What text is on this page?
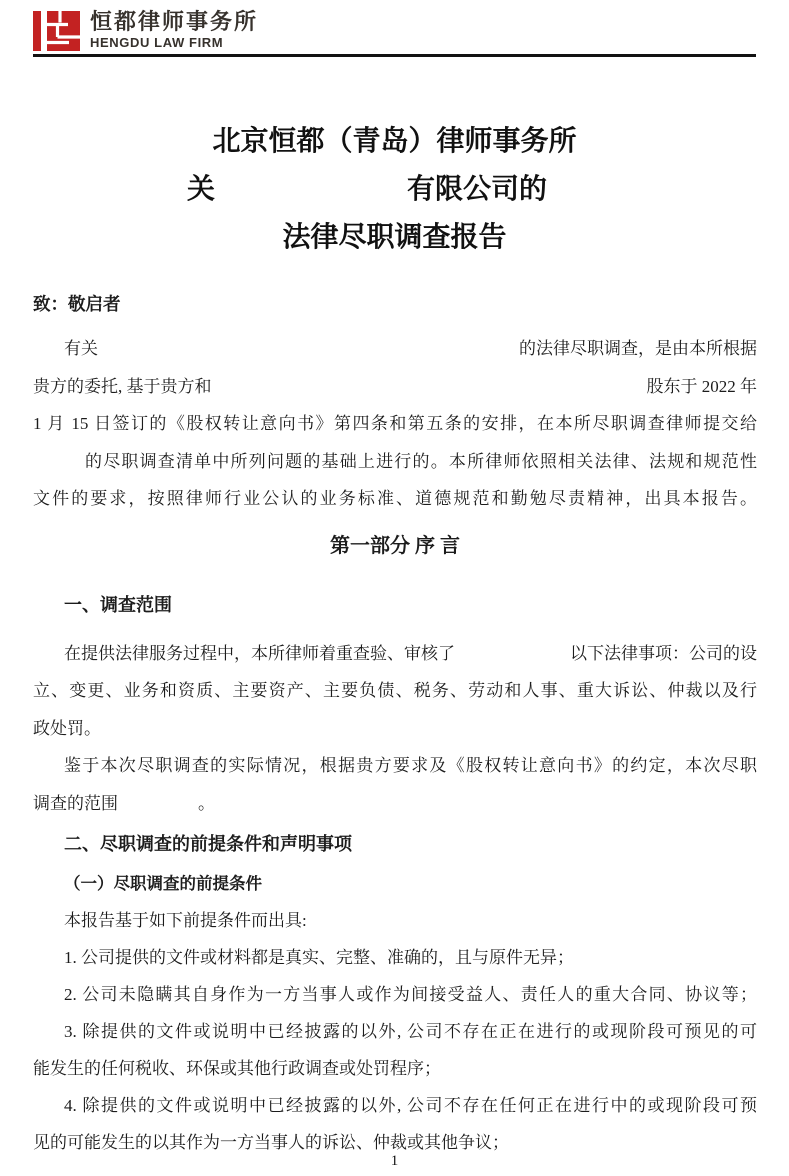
恒都律师事务所
HENGDU LAW FIRM
北京恒都（青岛）律师事务所
关	有限公司的
法律尽职调查报告
致：敬启者
有关	的法律尽职调查，是由本所根据
贵方的委托, 基于贵方和	股东于 2022 年
1 月 15 日签订的《股权转让意向书》第四条和第五条的安排，在本所尽职调查律师提交给
的尽职调查清单中所列问题的基础上进行的。本所律师依照相关法律、法规和规范性
文件的要求，按照律师行业公认的业务标准、道德规范和勤勉尽责精神，出具本报告。
第一部分 序 言
一、调查范围
在提供法律服务过程中，本所律师着重查验、审核了	以下法律事项：公司的设
立、变更、业务和资质、主要资产、主要负债、税务、劳动和人事、重大诉讼、仲裁以及行
政处罚。
鉴于本次尽职调查的实际情况，根据贵方要求及《股权转让意向书》的约定，本次尽职
调查的范围	。
二、尽职调查的前提条件和声明事项
（一）尽职调查的前提条件
本报告基于如下前提条件而出具:
1. 公司提供的文件或材料都是真实、完整、准确的，且与原件无异；
2. 公司未隐瞒其自身作为一方当事人或作为间接受益人、责任人的重大合同、协议等；
3. 除提供的文件或说明中已经披露的以外, 公司不存在正在进行的或现阶段可预见的可
能发生的任何税收、环保或其他行政调查或处罚程序；
4. 除提供的文件或说明中已经披露的以外, 公司不存在任何正在进行中的或现阶段可预
见的可能发生的以其作为一方当事人的诉讼、仲裁或其他争议；
1
